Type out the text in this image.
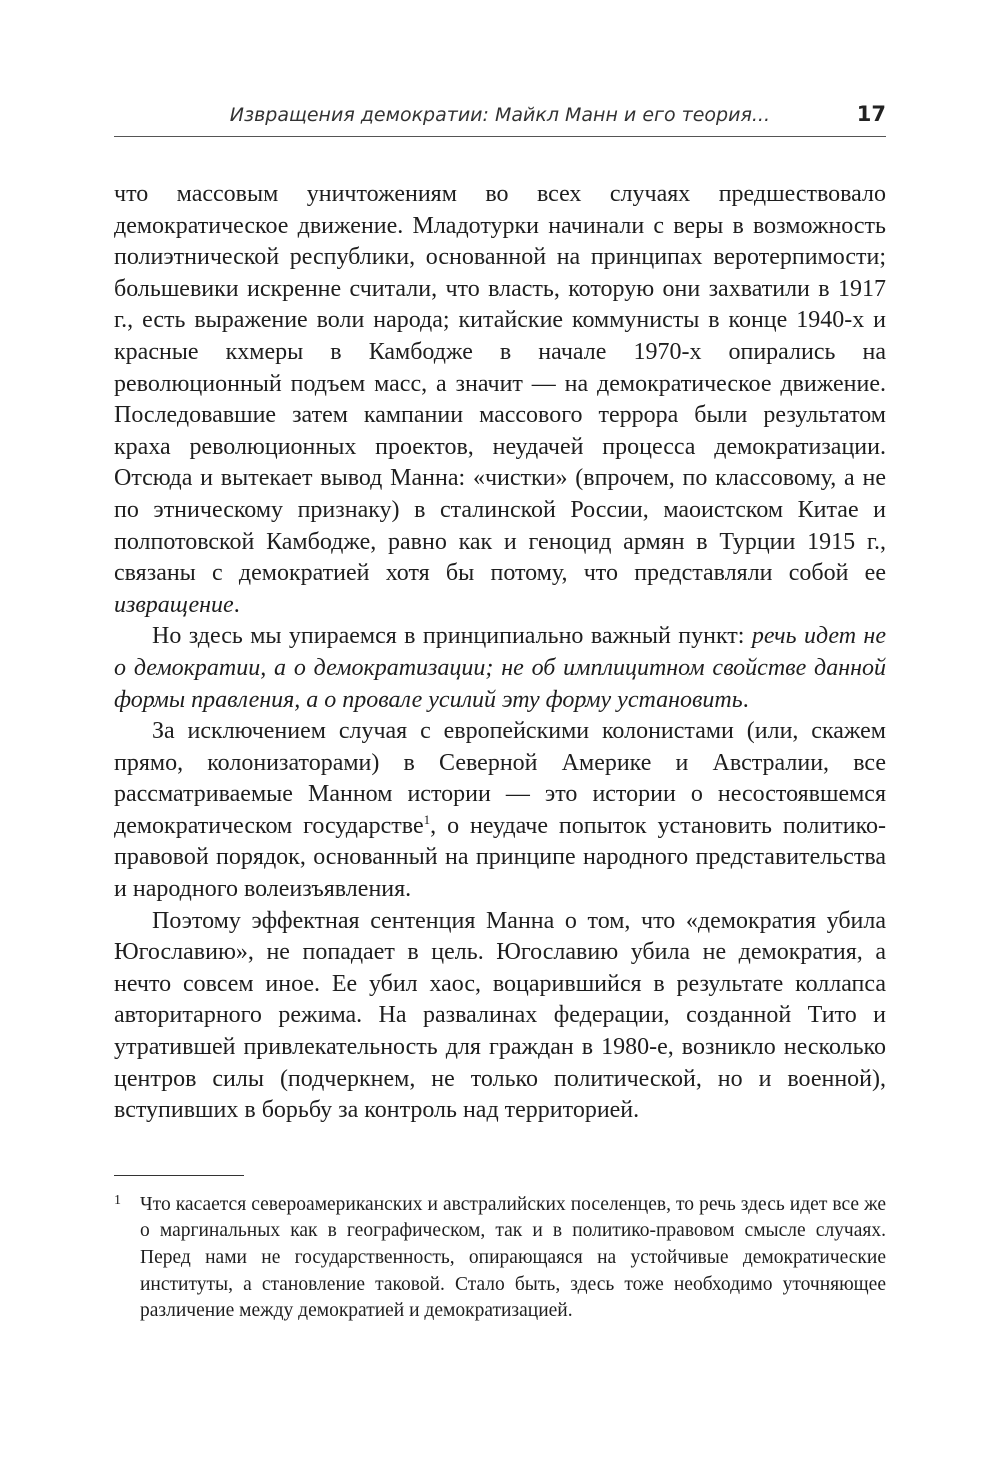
Извращения демократии: Майкл Манн и его теория...	17

что массовым уничтожениям во всех случаях предшествовало демократическое движение. Младотурки начинали с веры в возможность полиэтнической республики, основанной на принципах веротерпимости; большевики искренне считали, что власть, которую они захватили в 1917 г., есть выражение воли народа; китайские коммунисты в конце 1940-х и красные кхмеры в Камбодже в начале 1970-х опирались на революционный подъем масс, а значит — на демократическое движение. Последовавшие затем кампании массового террора были результатом краха революционных проектов, неудачей процесса демократизации. Отсюда и вытекает вывод Манна: «чистки» (впрочем, по классовому, а не по этническому признаку) в сталинской России, маоистском Китае и полпотовской Камбодже, равно как и геноцид армян в Турции 1915 г., связаны с демократией хотя бы потому, что представляли собой ее извращение.

Но здесь мы упираемся в принципиально важный пункт: речь идет не о демократии, а о демократизации; не об имплицитном свойстве данной формы правления, а о провале усилий эту форму установить.

За исключением случая с европейскими колонистами (или, скажем прямо, колонизаторами) в Северной Америке и Австралии, все рассматриваемые Манном истории — это истории о несостоявшемся демократическом государстве$^1$, о неудаче попыток установить политико-правовой порядок, основанный на принципе народного представительства и народного волеизъявления.

Поэтому эффектная сентенция Манна о том, что «демократия убила Югославию», не попадает в цель. Югославию убила не демократия, а нечто совсем иное. Ее убил хаос, воцарившийся в результате коллапса авторитарного режима. На развалинах федерации, созданной Тито и утратившей привлекательность для граждан в 1980-е, возникло несколько центров силы (подчеркнем, не только политической, но и военной), вступивших в борьбу за контроль над территорией.

1 Что касается североамериканских и австралийских поселенцев, то речь здесь идет все же о маргинальных как в географическом, так и в политико-правовом смысле случаях. Перед нами не государственность, опирающаяся на устойчивые демократические институты, а становление таковой. Стало быть, здесь тоже необходимо уточняющее различение между демократией и демократизацией.
